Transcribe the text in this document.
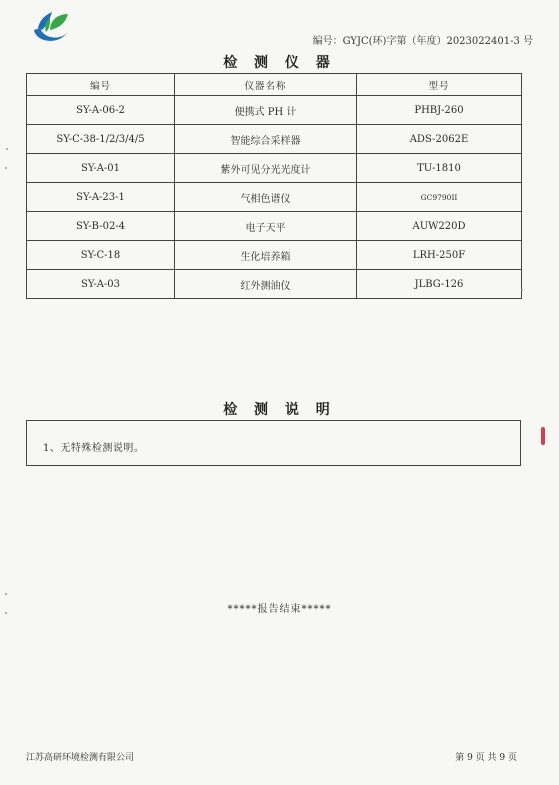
编号：GYJC(环)字第（年度）2023022401-3 号
检 测 仪 器
编号	仪器名称	型号
SY-A-06-2	便携式 PH 计	PHBJ-260
SY-C-38-1/2/3/4/5	智能综合采样器	ADS-2062E
SY-A-01	紫外可见分光光度计	TU-1810
SY-A-23-1	气相色谱仪	GC9790II
SY-B-02-4	电子天平	AUW220D
SY-C-18	生化培养箱	LRH-250F
SY-A-03	红外测油仪	JLBG-126
检 测 说 明
1、无特殊检测说明。
*****报告结束*****
江苏高研环境检测有限公司	第 9 页 共 9 页
